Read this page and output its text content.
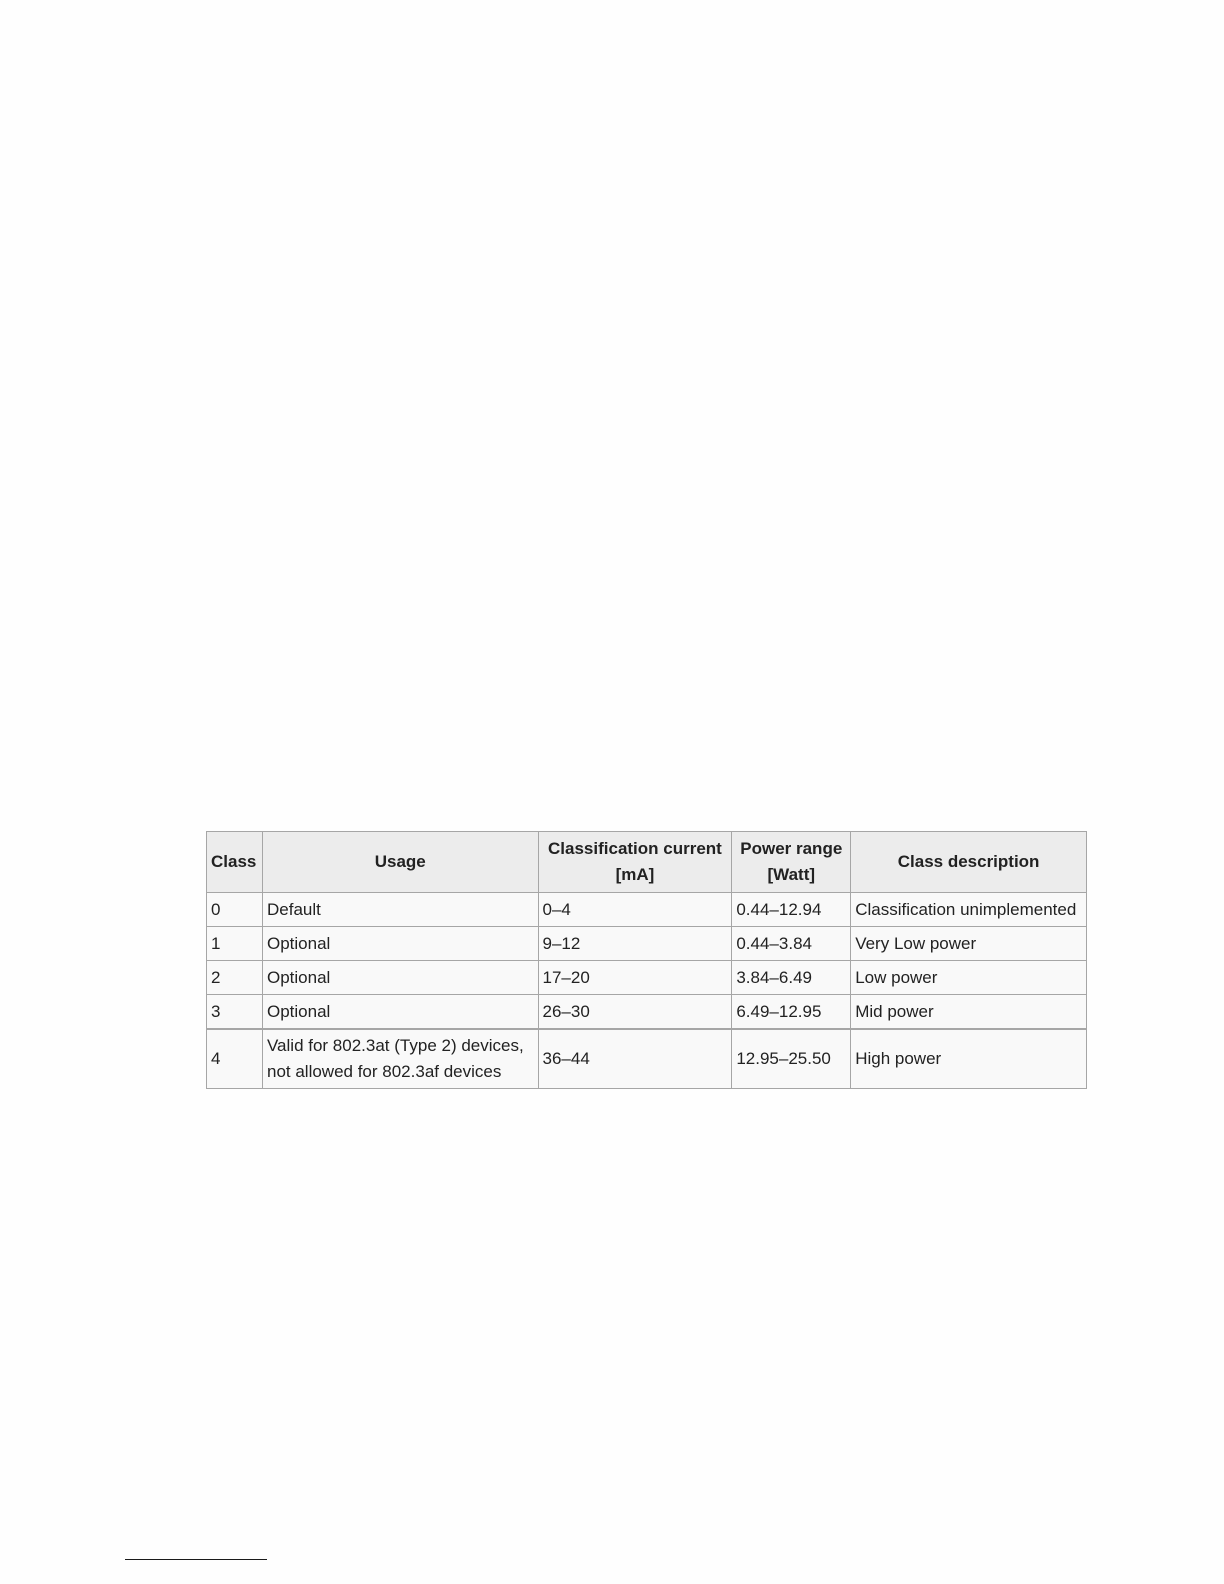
Class	Usage	Classification current [mA]	Power range [Watt]	Class description
0	Default	0–4	0.44–12.94	Classification unimplemented
1	Optional	9–12	0.44–3.84	Very Low power
2	Optional	17–20	3.84–6.49	Low power
3	Optional	26–30	6.49–12.95	Mid power
4	Valid for 802.3at (Type 2) devices, not allowed for 802.3af devices	36–44	12.95–25.50	High power
